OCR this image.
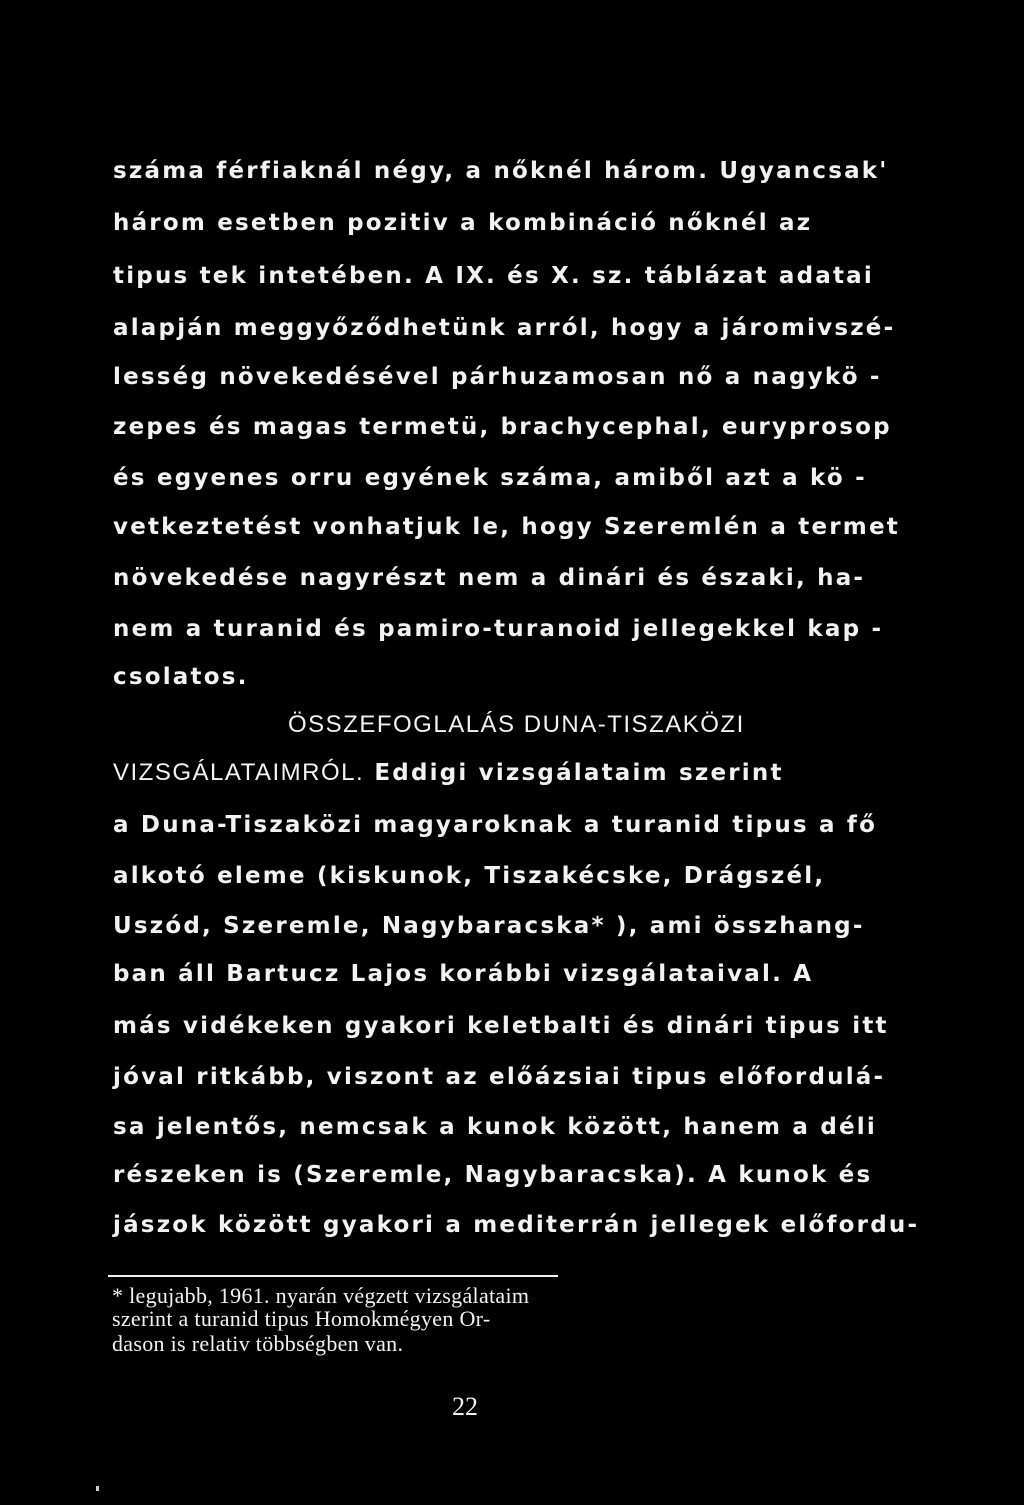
száma férfiaknál négy, a nőknél három. Ugyancsak'
három esetben pozitiv a kombináció nőknél az
tipus tek intetében. A IX. és X. sz. táblázat adatai
alapján meggyőződhetünk arról, hogy a járomivszé-
lesség növekedésével párhuzamosan nő a nagykö -
zepes és magas termetü, brachycephal, euryprosop
és egyenes orru egyének száma, amiből azt a kö -
vetkeztetést vonhatjuk le, hogy Szeremlén a termet
növekedése nagyrészt nem a dinári és északi, ha-
nem a turanid és pamiro-turanoid jellegekkel kap -
csolatos.
ÖSSZEFOGLALÁS DUNA-TISZAKÖZI
VIZSGÁLATAIMRÓL. Eddigi vizsgálataim szerint
a Duna-Tiszaközi magyaroknak a turanid tipus a fő
alkotó eleme (kiskunok, Tiszakécske, Drágszél,
Uszód, Szeremle, Nagybaracska* ), ami összhang-
ban áll Bartucz Lajos korábbi vizsgálataival. A
más vidékeken gyakori keletbalti és dinári tipus itt
jóval ritkább, viszont az előázsiai tipus előfordulá-
sa jelentős, nemcsak a kunok között, hanem a déli
részeken is (Szeremle, Nagybaracska). A kunok és
jászok között gyakori a mediterrán jellegek előfordu-
* legujabb, 1961. nyarán végzett vizsgálataim
szerint a turanid tipus Homokmégyen Or-
dason is relativ többségben van.
22
